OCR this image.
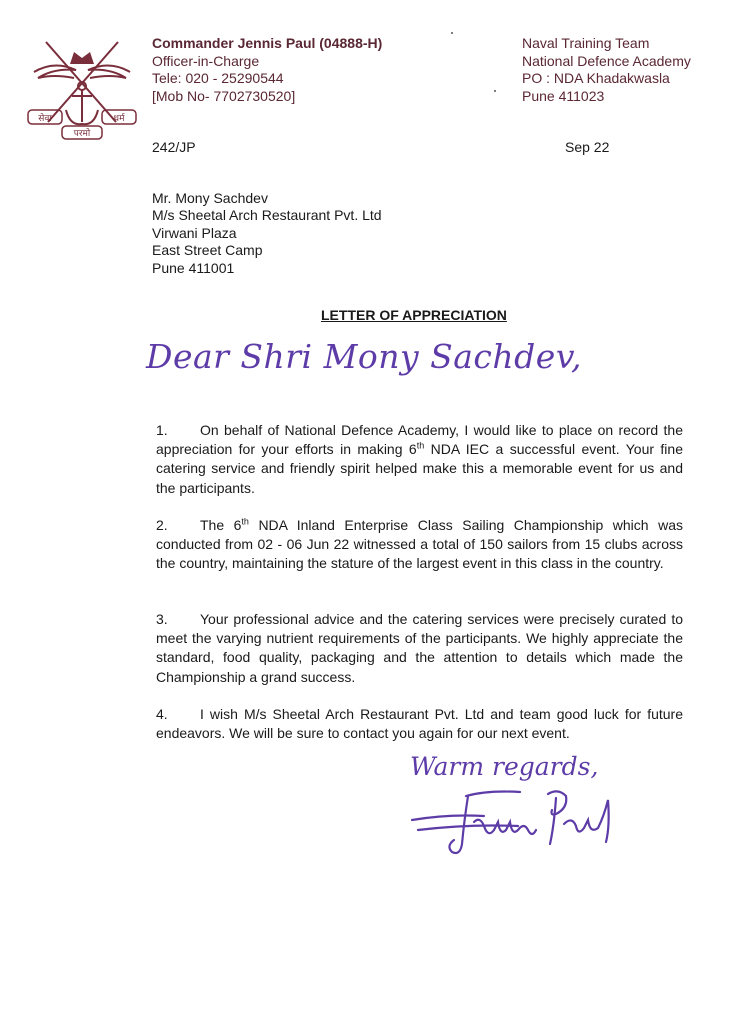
सेवा	धर्म
परमो
Commander Jennis Paul (04888-H)
Officer-in-Charge
Tele: 020 - 25290544
[Mob No- 7702730520]
Naval Training Team
National Defence Academy
PO : NDA Khadakwasla
Pune 411023
242/JP	Sep 22
Mr. Mony Sachdev
M/s Sheetal Arch Restaurant Pvt. Ltd
Virwani Plaza
East Street Camp
Pune 411001
LETTER OF APPRECIATION
Dear Shri Mony Sachdev,
1. On behalf of National Defence Academy, I would like to place on record the appreciation for your efforts in making 6th NDA IEC a successful event. Your fine catering service and friendly spirit helped make this a memorable event for us and the participants.
2. The 6th NDA Inland Enterprise Class Sailing Championship which was conducted from 02 - 06 Jun 22 witnessed a total of 150 sailors from 15 clubs across the country, maintaining the stature of the largest event in this class in the country.
3. Your professional advice and the catering services were precisely curated to meet the varying nutrient requirements of the participants. We highly appreciate the standard, food quality, packaging and the attention to details which made the Championship a grand success.
4. I wish M/s Sheetal Arch Restaurant Pvt. Ltd and team good luck for future endeavors. We will be sure to contact you again for our next event.
Warm regards,
